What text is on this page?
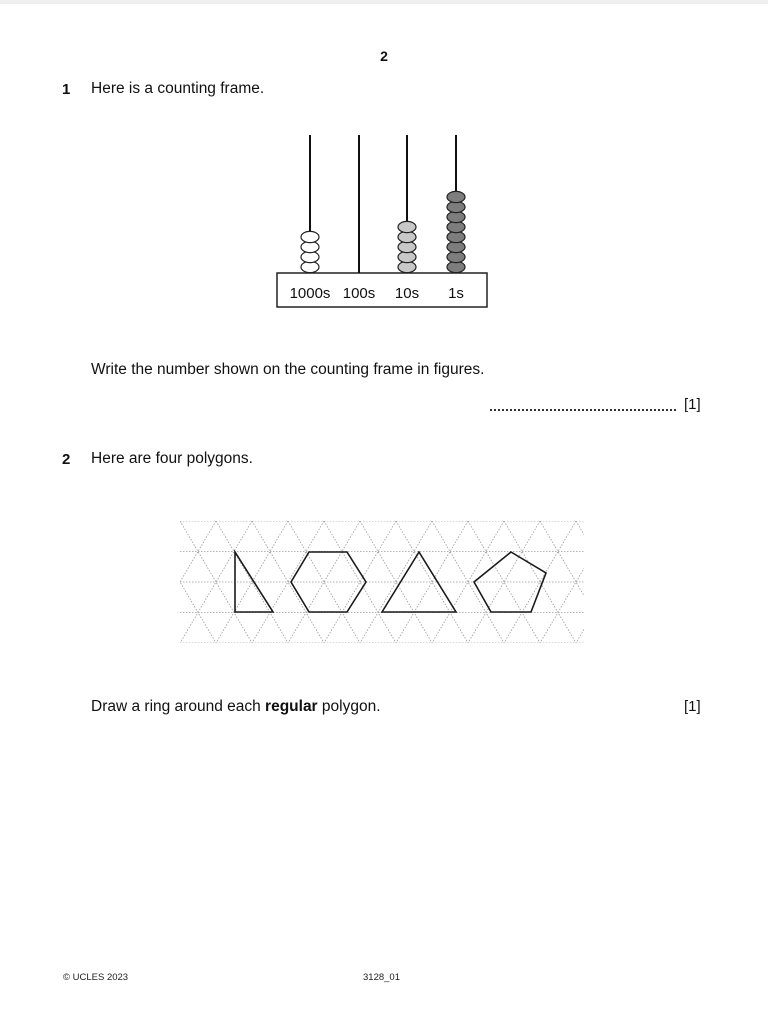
2
1 Here is a counting frame.
1000s 100s 10s 1s
Write the number shown on the counting frame in figures.
[1]
2 Here are four polygons.
Draw a ring around each regular polygon.	[1]
© UCLES 2023	3128_01
